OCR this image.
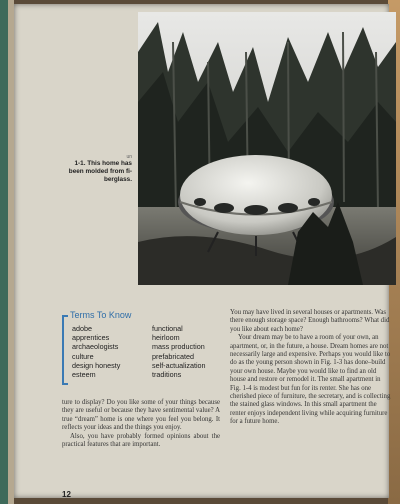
un
1-1. This home has been molded from fi-berglass.
Terms To Know
adobe
apprentices
archaeologists
culture
design honesty
esteem
functional
heirloom
mass production
prefabricated
self-actualization
traditions

ture to display? Do you like some of your things because they are useful or because they have sentimental value? A true “dream” home is one where you feel you belong. It reflects your ideas and the things you enjoy.

Also, you have probably formed opinions about the practical features that are important.

You may have lived in several houses or apartments. Was there enough storage space? Enough bathrooms? What did you like about each home?

Your dream may be to have a room of your own, an apartment, or, in the future, a house. Dream homes are not necessarily large and expensive. Perhaps you would like to do as the young person shown in Fig. 1-3 has done–build your own house. Maybe you would like to find an old house and restore or remodel it. The small apartment in Fig. 1-4 is modest but fun for its renter. She has one cherished piece of furniture, the secretary, and is collecting the stained glass windows. In this small apartment the renter enjoys independent living while acquiring furniture for a future home.

12
